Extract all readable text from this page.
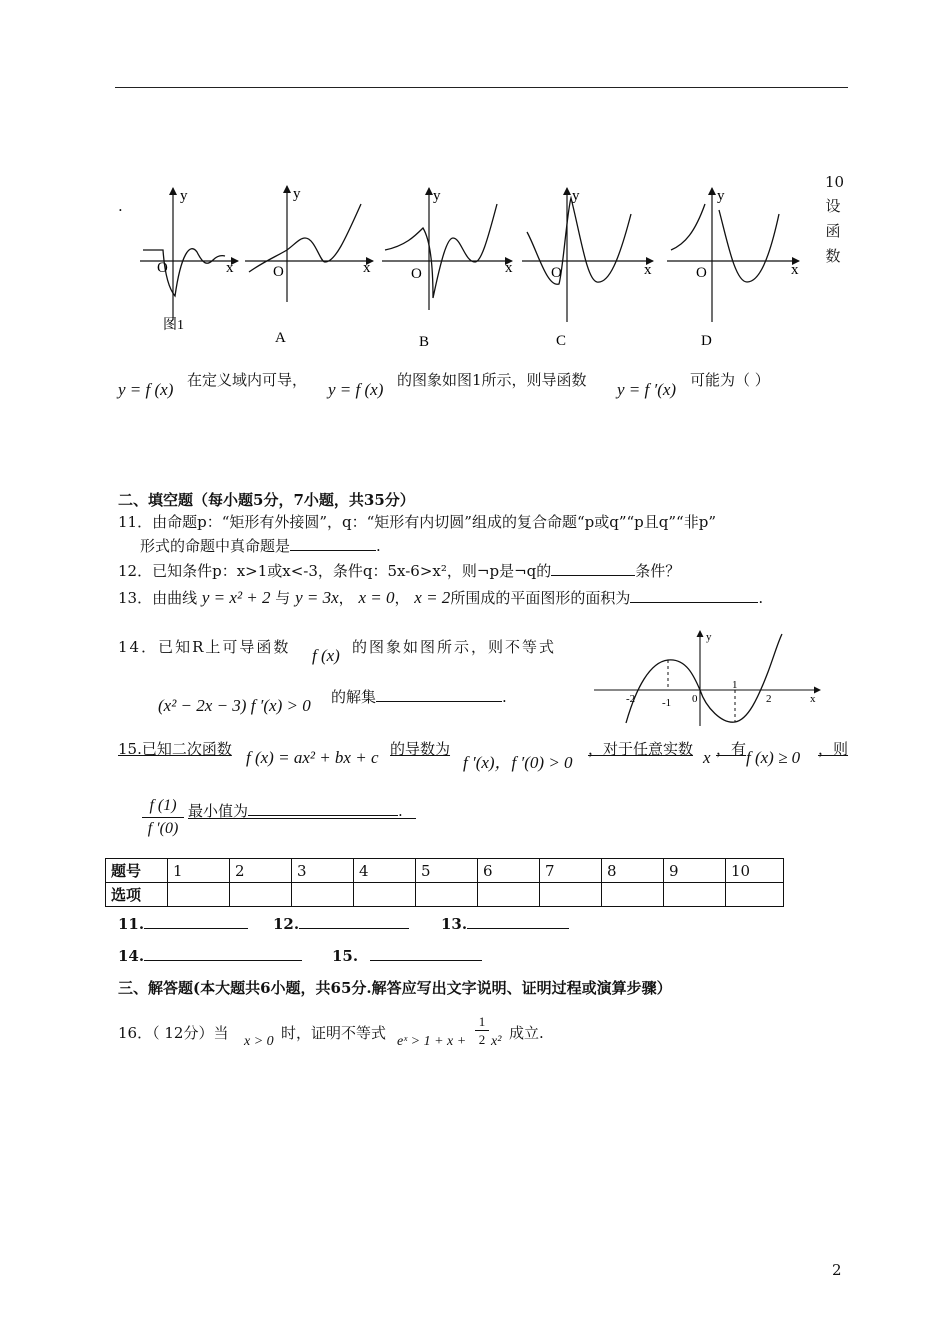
10
设
函
数
.
y
x
O
图1
y
x
O
A
y
x
O
B
y
x
O
C
y
x
O
D
y = f (x) 在定义域内可导， y = f (x) 的图象如图1所示，则导函数 y = f ′(x) 可能为（ ）
二、填空题（每小题5分，7小题，共35分）
11．由命题p：“矩形有外接圆”，q：“矩形有内切圆”组成的复合命题“p或q”“p且q”“非p”
形式的命题中真命题是	.
12．已知条件p：x>1或x<-3，条件q：5x-6>x²，则¬p是¬q的	条件？
13．由曲线 y = x² + 2 与 y = 3x， x = 0， x = 2所围成的平面图形的面积为	.
14．已知R上可导函数 f (x) 的图象如图所示，则不等式
(x² − 2x − 3) f ′(x) > 0 的解集	.
y
x
-2 -1 0
1
2
15.已知二次函数 f (x) = ax² + bx + c 的导数为
f ′(x)，f ′(0) > 0
，对于任意实数 x ，有 f (x) ≥ 0 ，则
f (1)
f ′(0)
最小值为	.
题号	1	2	3	4	5	6	7	8	9	10
选项										
11.	12.	13.
14.	15.
三、解答题(本大题共6小题，共65分.解答应写出文字说明、证明过程或演算步骤）
16．（ 12分）当 x > 0 时，证明不等式 eˣ > 1 + x +
1
2 x² 成立.
2
